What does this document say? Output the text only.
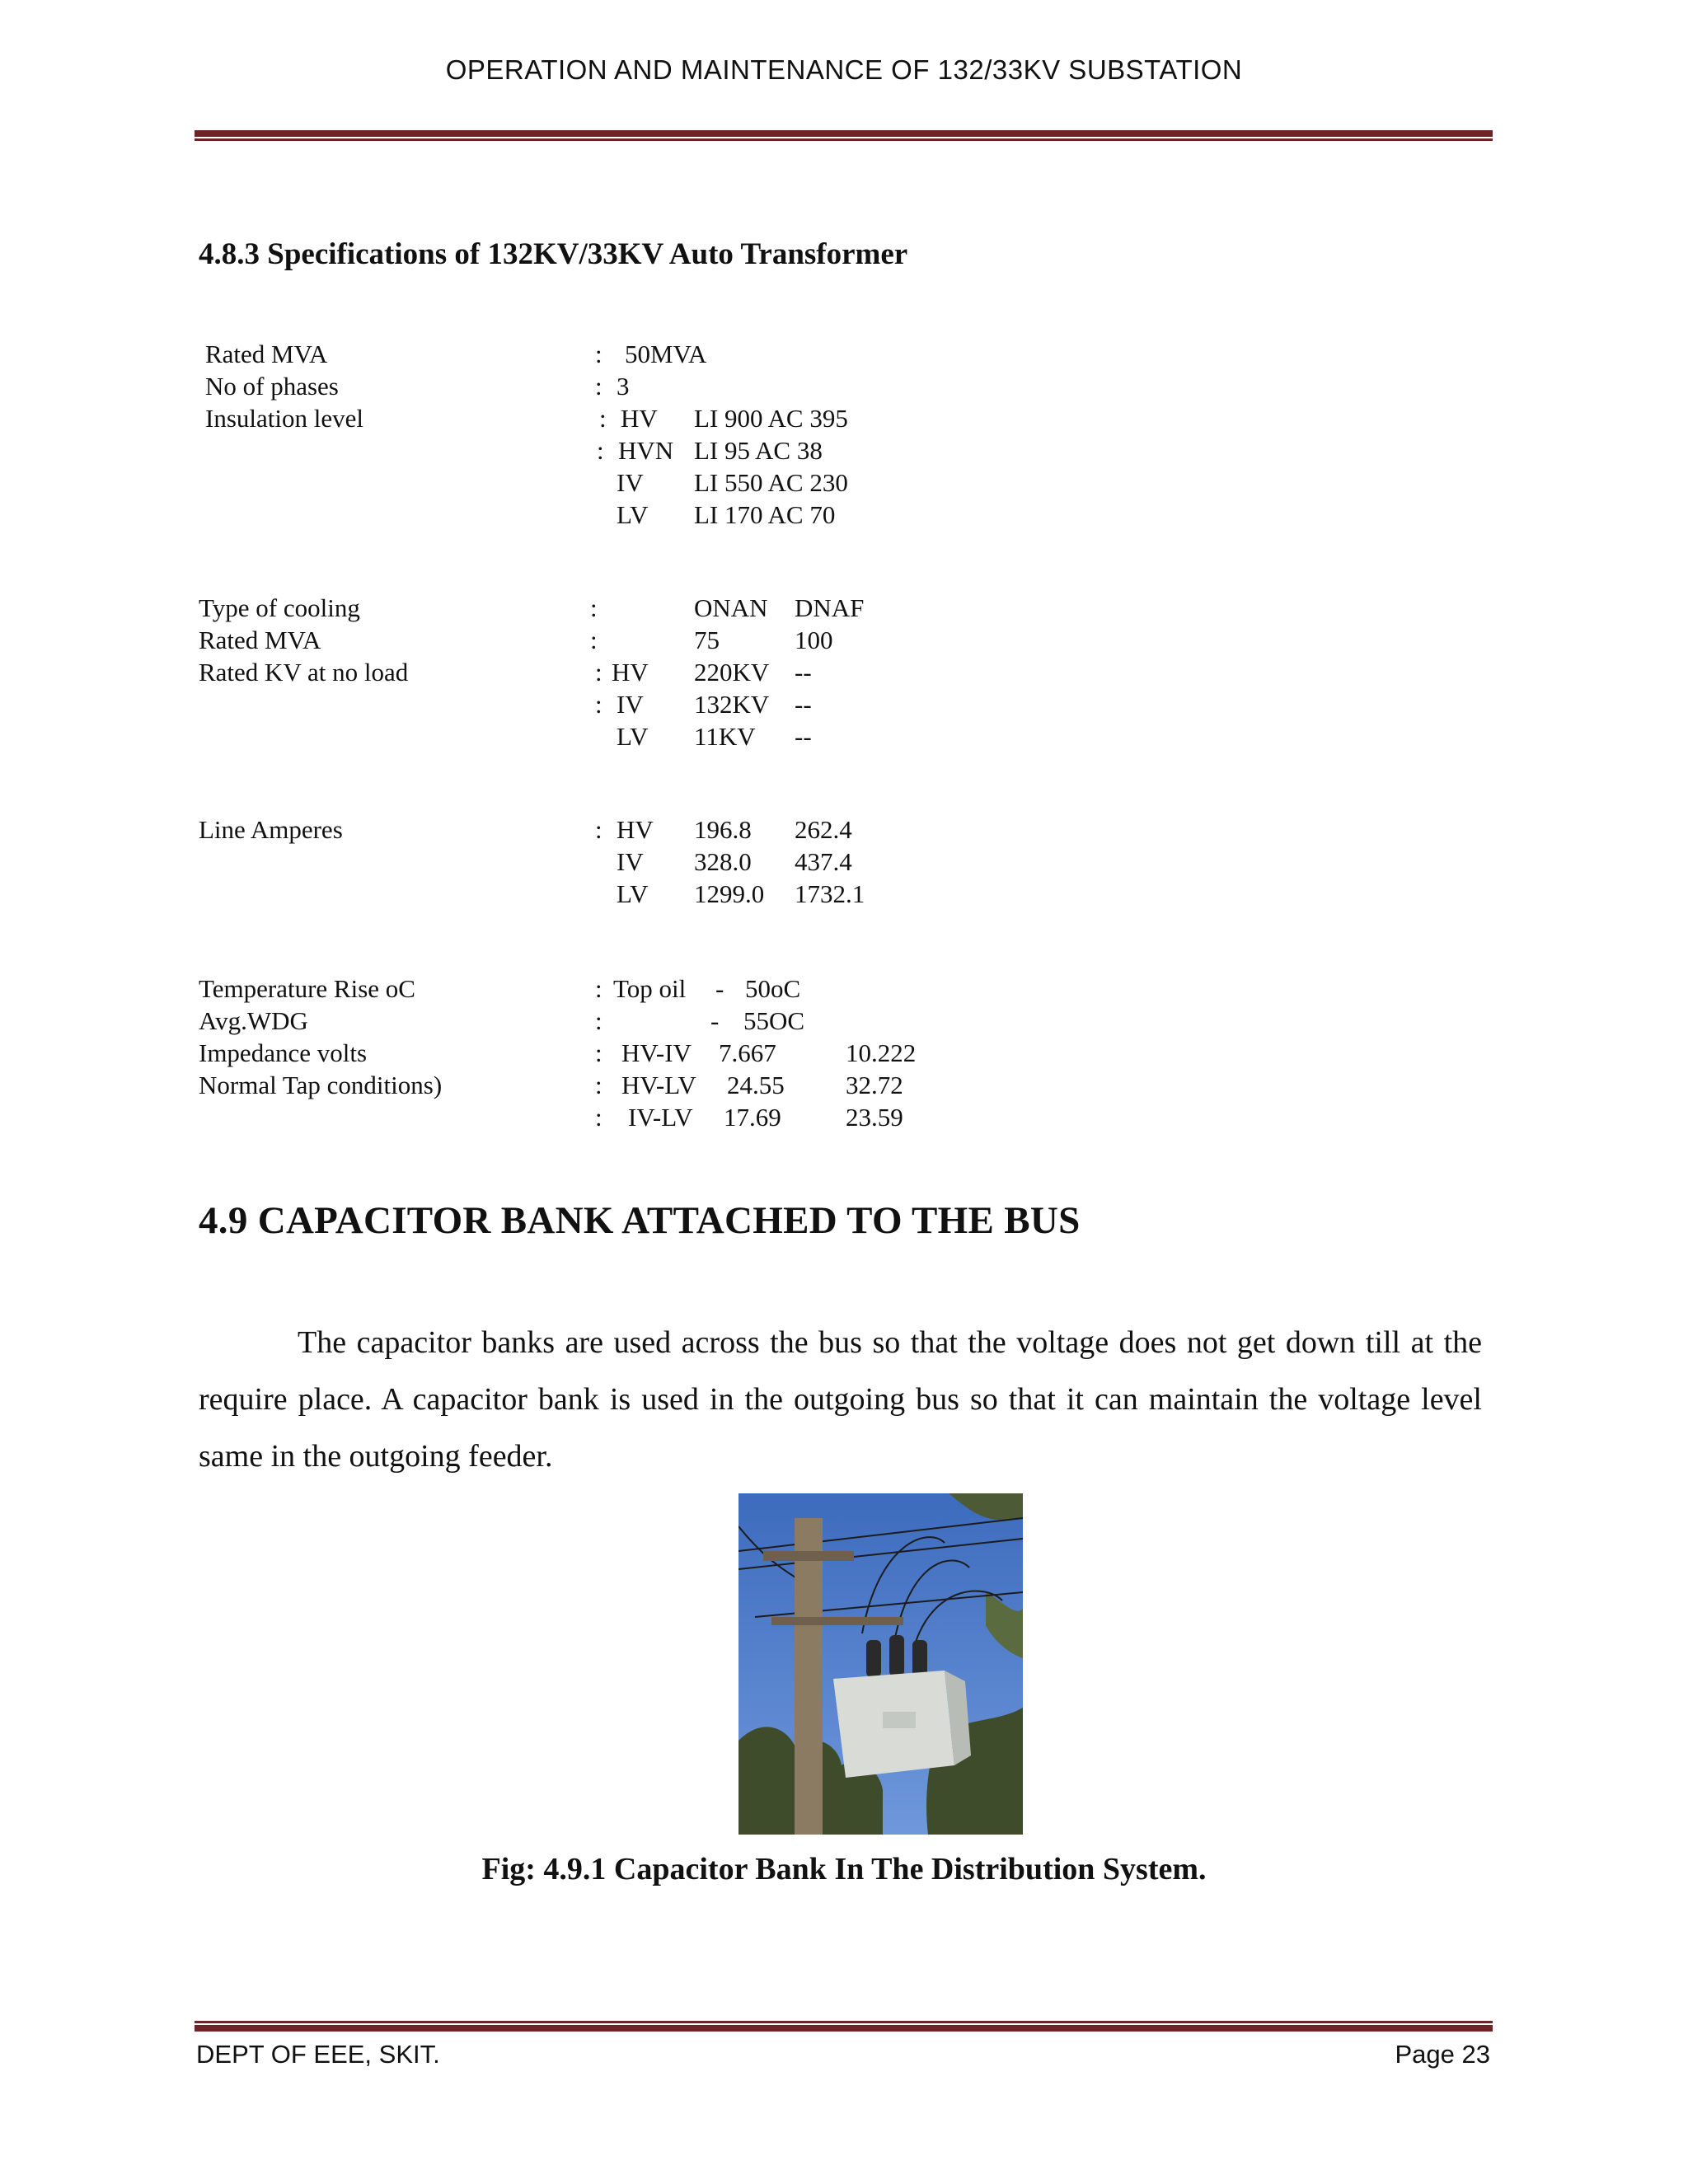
OPERATION AND MAINTENANCE OF 132/33KV SUBSTATION
4.8.3 Specifications of 132KV/33KV Auto Transformer
Rated MVA	: 50MVA
No of phases	: 3
Insulation level	: HV LI 900 AC 395
: HVN LI 95 AC 38
IV LI 550 AC 230
LV LI 170 AC 70
Type of cooling	:	ONAN DNAF
Rated MVA	:	75	100
Rated KV at no load	: HV 220KV --
: IV 132KV --
LV 11KV --
Line Amperes	: HV 196.8 262.4
IV 328.0 437.4
LV 1299.0 1732.1
Temperature Rise oC	: Top oil - 50oC
Avg.WDG	:	- 55OC
Impedance volts	: HV-IV 7.667	10.222
Normal Tap conditions)	: HV-LV 24.55 32.72
: IV-LV 17.69	23.59
4.9 CAPACITOR BANK ATTACHED TO THE BUS
The capacitor banks are used across the bus so that the voltage does not get down till at the require place. A capacitor bank is used in the outgoing bus so that it can maintain the voltage level same in the outgoing feeder.
Fig: 4.9.1 Capacitor Bank In The Distribution System.
DEPT OF EEE, SKIT.	Page 23
